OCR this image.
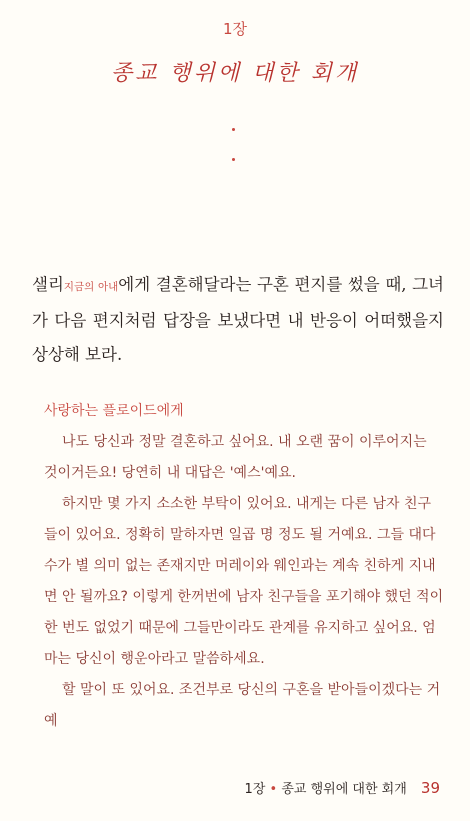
1장
종교 행위에 대한 회개
샐리지금의 아내에게 결혼해달라는 구혼 편지를 썼을 때, 그녀가 다음 편지처럼 답장을 보냈다면 내 반응이 어떠했을지 상상해 보라.

사랑하는 플로이드에게

나도 당신과 정말 결혼하고 싶어요. 내 오랜 꿈이 이루어지는 것이거든요! 당연히 내 대답은 '예스'예요.

하지만 몇 가지 소소한 부탁이 있어요. 내게는 다른 남자 친구들이 있어요. 정확히 말하자면 일곱 명 정도 될 거예요. 그들 대다수가 별 의미 없는 존재지만 머레이와 웨인과는 계속 친하게 지내면 안 될까요? 이렇게 한꺼번에 남자 친구들을 포기해야 했던 적이 한 번도 없었기 때문에 그들만이라도 관계를 유지하고 싶어요. 엄마는 당신이 행운아라고 말씀하세요.

할 말이 또 있어요. 조건부로 당신의 구혼을 받아들이겠다는 거예

1장 • 종교 행위에 대한 회개 39
